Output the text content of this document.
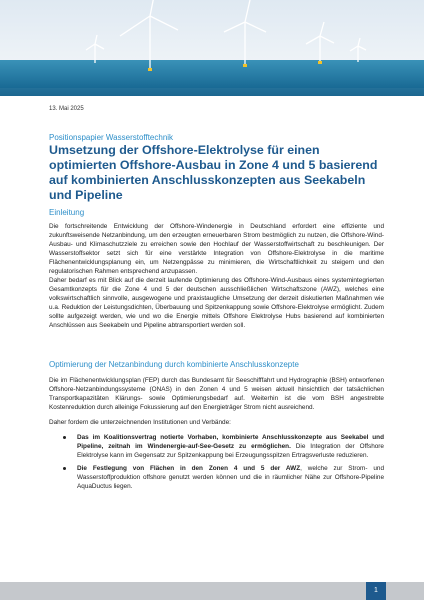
13. Mai 2025
Positionspapier Wasserstofftechnik
Umsetzung der Offshore-Elektrolyse für einen optimierten Offshore-Ausbau in Zone 4 und 5 basierend auf kombinierten Anschlusskonzepten aus Seekabeln und Pipeline
Einleitung
Die fortschreitende Entwicklung der Offshore-Windenergie in Deutschland erfordert eine effiziente und zukunftsweisende Netzanbindung, um den erzeugten erneuerbaren Strom bestmöglich zu nutzen, die Offshore-Wind-Ausbau- und Klimaschutzziele zu erreichen sowie den Hochlauf der Wasserstoffwirtschaft zu beschleunigen. Der Wasserstoffsektor setzt sich für eine verstärkte Integration von Offshore-Elektrolyse in die maritime Flächenentwicklungsplanung ein, um Netzengpässe zu minimieren, die Wirtschaftlichkeit zu steigern und den regulatorischen Rahmen entsprechend anzupassen.
Daher bedarf es mit Blick auf die derzeit laufende Optimierung des Offshore-Wind-Ausbaus eines systemintegrierten Gesamtkonzepts für die Zone 4 und 5 der deutschen ausschließlichen Wirtschaftszone (AWZ), welches eine volkswirtschaftlich sinnvolle, ausgewogene und praxistaugliche Umsetzung der derzeit diskutierten Maßnahmen wie u.a. Reduktion der Leistungsdichten, Überbauung und Spitzenkappung sowie Offshore-Elektrolyse ermöglicht. Zudem sollte aufgezeigt werden, wie und wo die Energie mittels Offshore Elektrolyse Hubs basierend auf kombinierten Anschlüssen aus Seekabeln und Pipeline abtransportiert werden soll.
Optimierung der Netzanbindung durch kombinierte Anschlusskonzepte
Die im Flächenentwicklungsplan (FEP) durch das Bundesamt für Seeschifffahrt und Hydrographie (BSH) entworfenen Offshore-Netzanbindungssysteme (ONAS) in den Zonen 4 und 5 weisen aktuell hinsichtlich der tatsächlichen Transportkapazitäten Klärungs- sowie Optimierungsbedarf auf. Weiterhin ist die vom BSH angestrebte Kostenreduktion durch alleinige Fokussierung auf den Energieträger Strom nicht ausreichend.
Daher fordern die unterzeichnenden Institutionen und Verbände:
Das im Koalitionsvertrag notierte Vorhaben, kombinierte Anschlusskonzepte aus Seekabel und Pipeline, zeitnah im Windenergie-auf-See-Gesetz zu ermöglichen. Die Integration der Offshore Elektrolyse kann im Gegensatz zur Spitzenkappung bei Erzeugungsspitzen Ertragsverluste reduzieren.
Die Festlegung von Flächen in den Zonen 4 und 5 der AWZ, welche zur Strom- und Wasserstoffproduktion offshore genutzt werden können und die in räumlicher Nähe zur Offshore-Pipeline AquaDuctus liegen.
1
